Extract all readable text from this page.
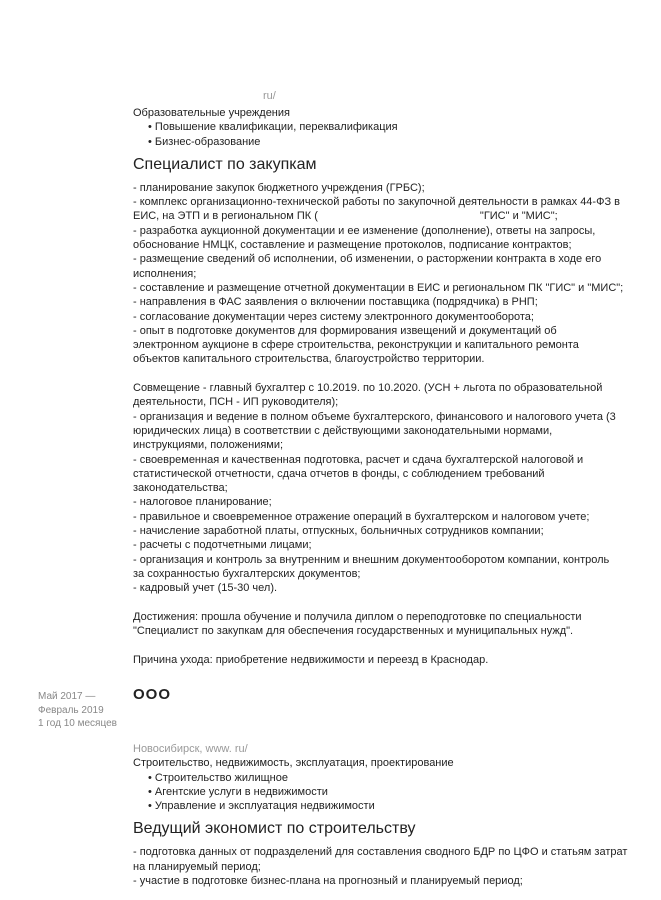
ru/
Образовательные учреждения
• Повышение квалификации, переквалификация
• Бизнес-образование
Специалист по закупкам
- планирование закупок бюджетного учреждения (ГРБС);
- комплекс организационно-технической работы по закупочной деятельности в рамках 44-ФЗ в
ЕИС, на ЭТП и в региональном ПК (                                                     "ГИС" и "МИС";
- разработка аукционной документации и ее изменение (дополнение), ответы на запросы,
обоснование НМЦК, составление и размещение протоколов, подписание контрактов;
- размещение сведений об исполнении, об изменении, о расторжении контракта в ходе его
исполнения;
- составление и размещение отчетной документации в ЕИС и региональном ПК "ГИС" и "МИС";
- направления в ФАС заявления о включении поставщика (подрядчика) в РНП;
- согласование документации через систему электронного документооборота;
- опыт в подготовке документов для формирования извещений и документаций об
электронном аукционе в сфере строительства, реконструкции и капитального ремонта
объектов капитального строительства, благоустройство территории.
Совмещение - главный бухгалтер с 10.2019. по 10.2020. (УСН + льгота по образовательной
деятельности, ПСН - ИП руководителя);
- организация и ведение в полном объеме бухгалтерского, финансового и налогового учета (3
юридических лица) в соответствии с действующими законодательными нормами,
инструкциями, положениями;
- своевременная и качественная подготовка, расчет и сдача бухгалтерской налоговой и
статистической отчетности, сдача отчетов в фонды, с соблюдением требований
законодательства;
- налоговое планирование;
- правильное и своевременное отражение операций в бухгалтерском и налоговом учете;
- начисление заработной платы, отпускных, больничных сотрудников компании;
- расчеты с подотчетными лицами;
- организация и контроль за внутренним и внешним документооборотом компании, контроль
за сохранностью бухгалтерских документов;
- кадровый учет (15-30 чел).
Достижения: прошла обучение и получила диплом о переподготовке по специальности
"Специалист по закупкам для обеспечения государственных и муниципальных нужд".
Причина ухода: приобретение недвижимости и переезд в Краснодар.
Май 2017 —
Февраль 2019
1 год 10 месяцев
ООО
Новосибирск, www. ru/
Строительство, недвижимость, эксплуатация, проектирование
• Строительство жилищное
• Агентские услуги в недвижимости
• Управление и эксплуатация недвижимости
Ведущий экономист по строительству
- подготовка данных от подразделений для составления сводного БДР по ЦФО и статьям затрат
на планируемый период;
- участие в подготовке бизнес-плана на прогнозный и планируемый период;
